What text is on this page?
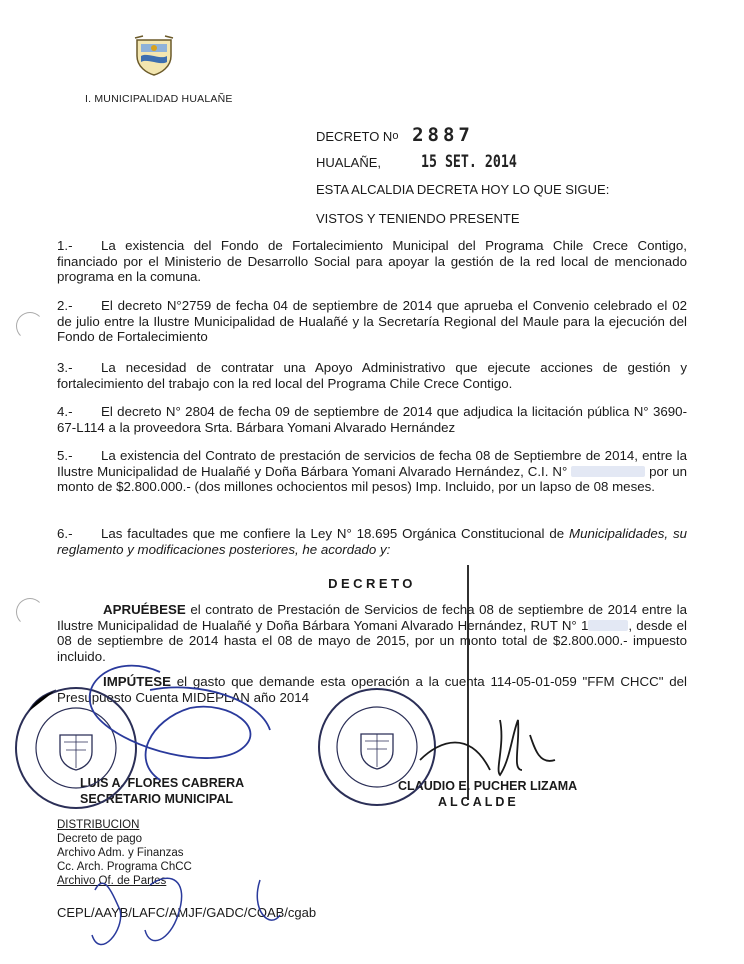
I. MUNICIPALIDAD HUALAÑE
DECRETO No 2887
HUALAÑE, 15 SET. 2014
ESTA ALCALDIA DECRETA HOY LO QUE SIGUE:
VISTOS Y TENIENDO PRESENTE
1.- La existencia del Fondo de Fortalecimiento Municipal del Programa Chile Crece Contigo, financiado por el Ministerio de Desarrollo Social para apoyar la gestión de la red local de mencionado programa en la comuna.
2.- El decreto N°2759 de fecha 04 de septiembre de 2014 que aprueba el Convenio celebrado el 02 de julio entre la Ilustre Municipalidad de Hualañé y la Secretaría Regional del Maule para la ejecución del Fondo de Fortalecimiento
3.- La necesidad de contratar una Apoyo Administrativo que ejecute acciones de gestión y fortalecimiento del trabajo con la red local del Programa Chile Crece Contigo.
4.- El decreto N° 2804 de fecha 09 de septiembre de 2014 que adjudica la licitación pública N° 3690-67-L114 a la proveedora Srta. Bárbara Yomani Alvarado Hernández
5.- La existencia del Contrato de prestación de servicios de fecha 08 de Septiembre de 2014, entre la Ilustre Municipalidad de Hualañé y Doña Bárbara Yomani Alvarado Hernández, C.I. N°	por un monto de $2.800.000.- (dos millones ochocientos mil pesos) Imp. Incluido, por un lapso de 08 meses.
6.- Las facultades que me confiere la Ley N° 18.695 Orgánica Constitucional de Municipalidades, su reglamento y modificaciones posteriores, he acordado y:
DECRETO
APRUÉBESE el contrato de Prestación de Servicios de fecha 08 de septiembre de 2014 entre la Ilustre Municipalidad de Hualañé y Doña Bárbara Yomani Alvarado Hernández, RUT N° 1	, desde el 08 de septiembre de 2014 hasta el 08 de mayo de 2015, por un monto total de $2.800.000.- impuesto incluido.
IMPÚTESE el gasto que demande esta operación a la cuenta 114-05-01-059 "FFM CHCC" del Presupuesto Cuenta MIDEPLAN año 2014
LUIS A. FLORES CABRERA
SECRETARIO MUNICIPAL
CLAUDIO E. PUCHER LIZAMA
ALCALDE
DISTRIBUCION
Decreto de pago
Archivo Adm. y Finanzas
Cc. Arch. Programa ChCC
Archivo Of. de Partes
CEPL/AAYB/LAFC/AMJF/GADC/COAB/cgab
